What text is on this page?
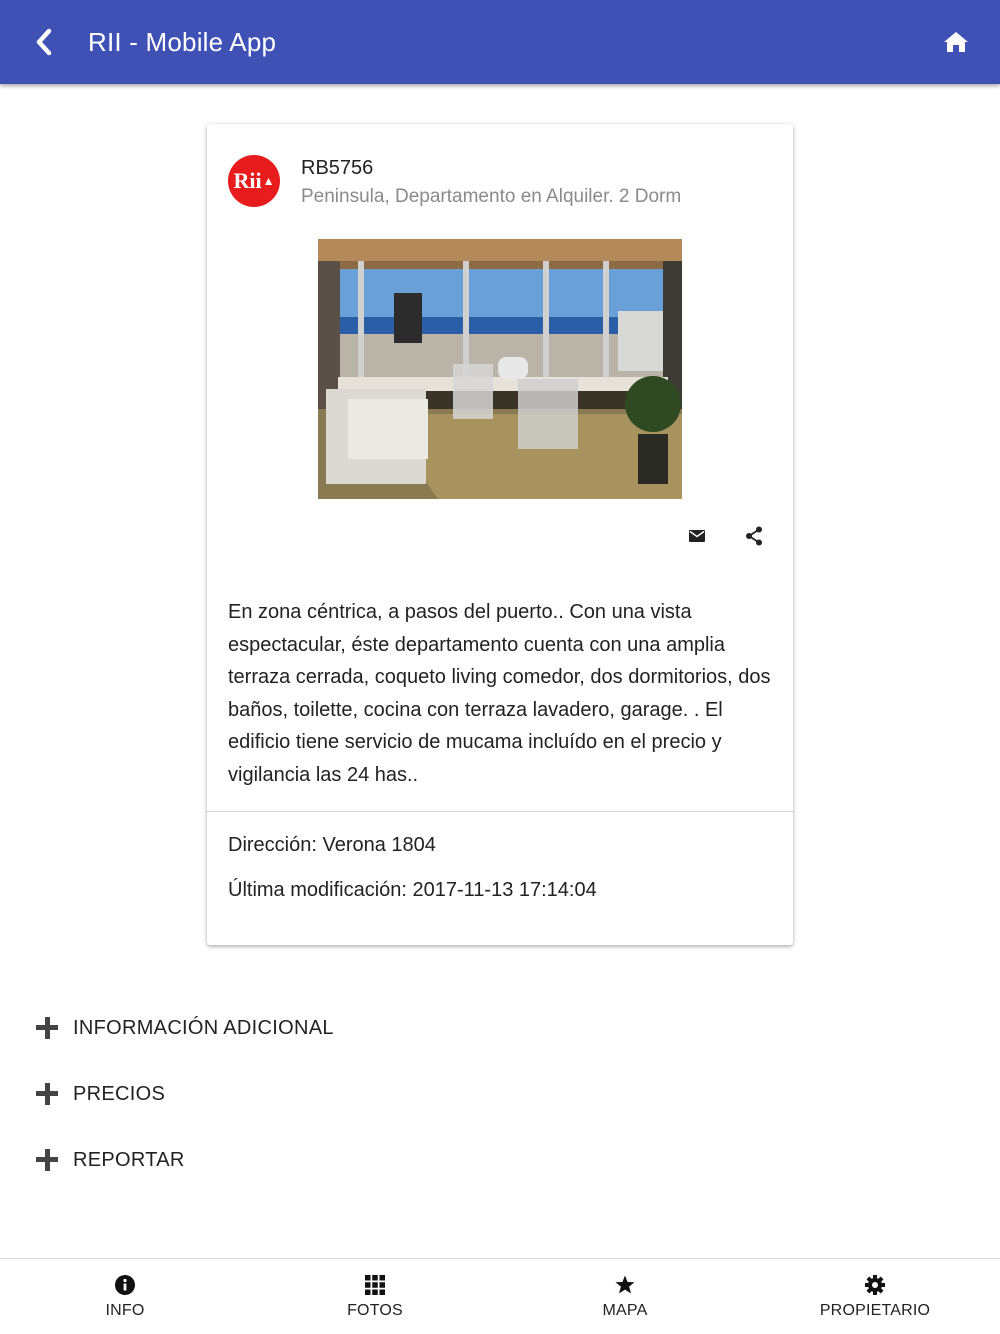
RII - Mobile App
Rii ▲
RB5756
Peninsula, Departamento en Alquiler. 2 Dorm
En zona céntrica, a pasos del puerto.. Con una vista espectacular, éste departamento cuenta con una amplia terraza cerrada, coqueto living comedor, dos dormitorios, dos baños, toilette, cocina con terraza lavadero, garage. . El edificio tiene servicio de mucama incluído en el precio y vigilancia las 24 has..
Dirección: Verona 1804
Última modificación: 2017-11-13 17:14:04
INFORMACIÓN ADICIONAL
PRECIOS
REPORTAR
INFO	FOTOS	MAPA	PROPIETARIO
